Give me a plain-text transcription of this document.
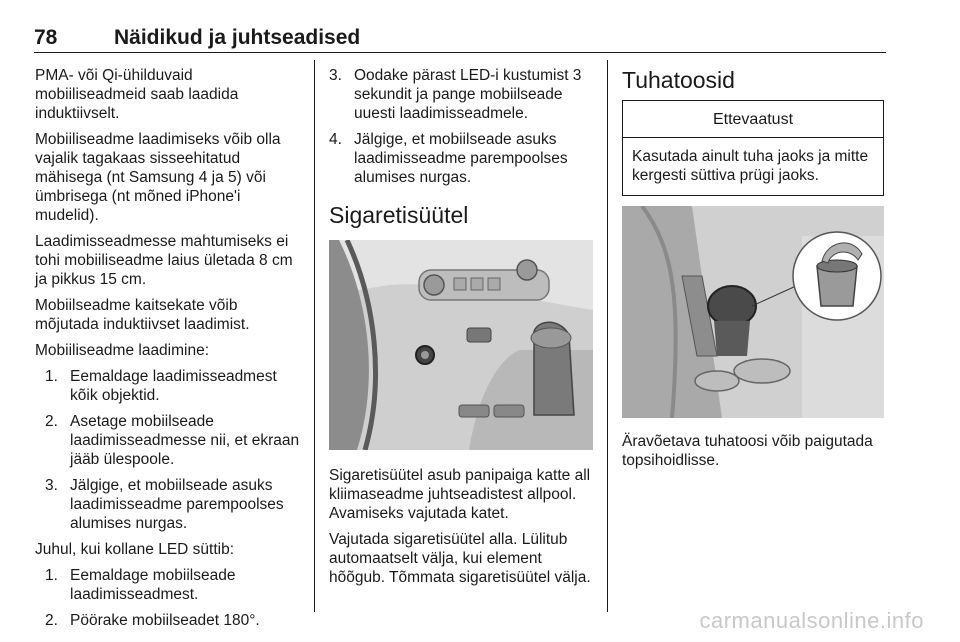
78	Näidikud ja juhtseadised

PMA- või Qi-ühilduvaid mobiiliseadmeid saab laadida induktiivselt.

Mobiiliseadme laadimiseks võib olla vajalik tagakaas sisseehitatud mähisega (nt Samsung 4 ja 5) või ümbrisega (nt mõned iPhone'i mudelid).

Laadimisseadmesse mahtumiseks ei tohi mobiiliseadme laius ületada 8 cm ja pikkus 15 cm.

Mobiilseadme kaitsekate võib mõjutada induktiivset laadimist.

Mobiiliseadme laadimine:

1. Eemaldage laadimisseadmest kõik objektid.
2. Asetage mobiilseade laadimisseadmesse nii, et ekraan jääb ülespoole.
3. Jälgige, et mobiilseade asuks laadimisseadme parempoolses alumises nurgas.

Juhul, kui kollane LED süttib:

1. Eemaldage mobiilseade laadimisseadmest.
2. Pöörake mobiilseadet 180°.
3. Oodake pärast LED-i kustumist 3 sekundit ja pange mobiilseade uuesti laadimisseadmele.
4. Jälgige, et mobiilseade asuks laadimisseadme parempoolses alumises nurgas.
Sigaretisüütel

Sigaretisüütel asub panipaiga katte all kliimaseadme juhtseadistest allpool. Avamiseks vajutada katet.

Vajutada sigaretisüütel alla. Lülitub automaatselt välja, kui element hõõgub. Tõmmata sigaretisüütel välja.

Tuhatoosid
Ettevaatust
Kasutada ainult tuha jaoks ja mitte kergesti süttiva prügi jaoks.

Äravõetava tuhatoosi võib paigutada topsihoidlisse.

carmanualsonline.info
